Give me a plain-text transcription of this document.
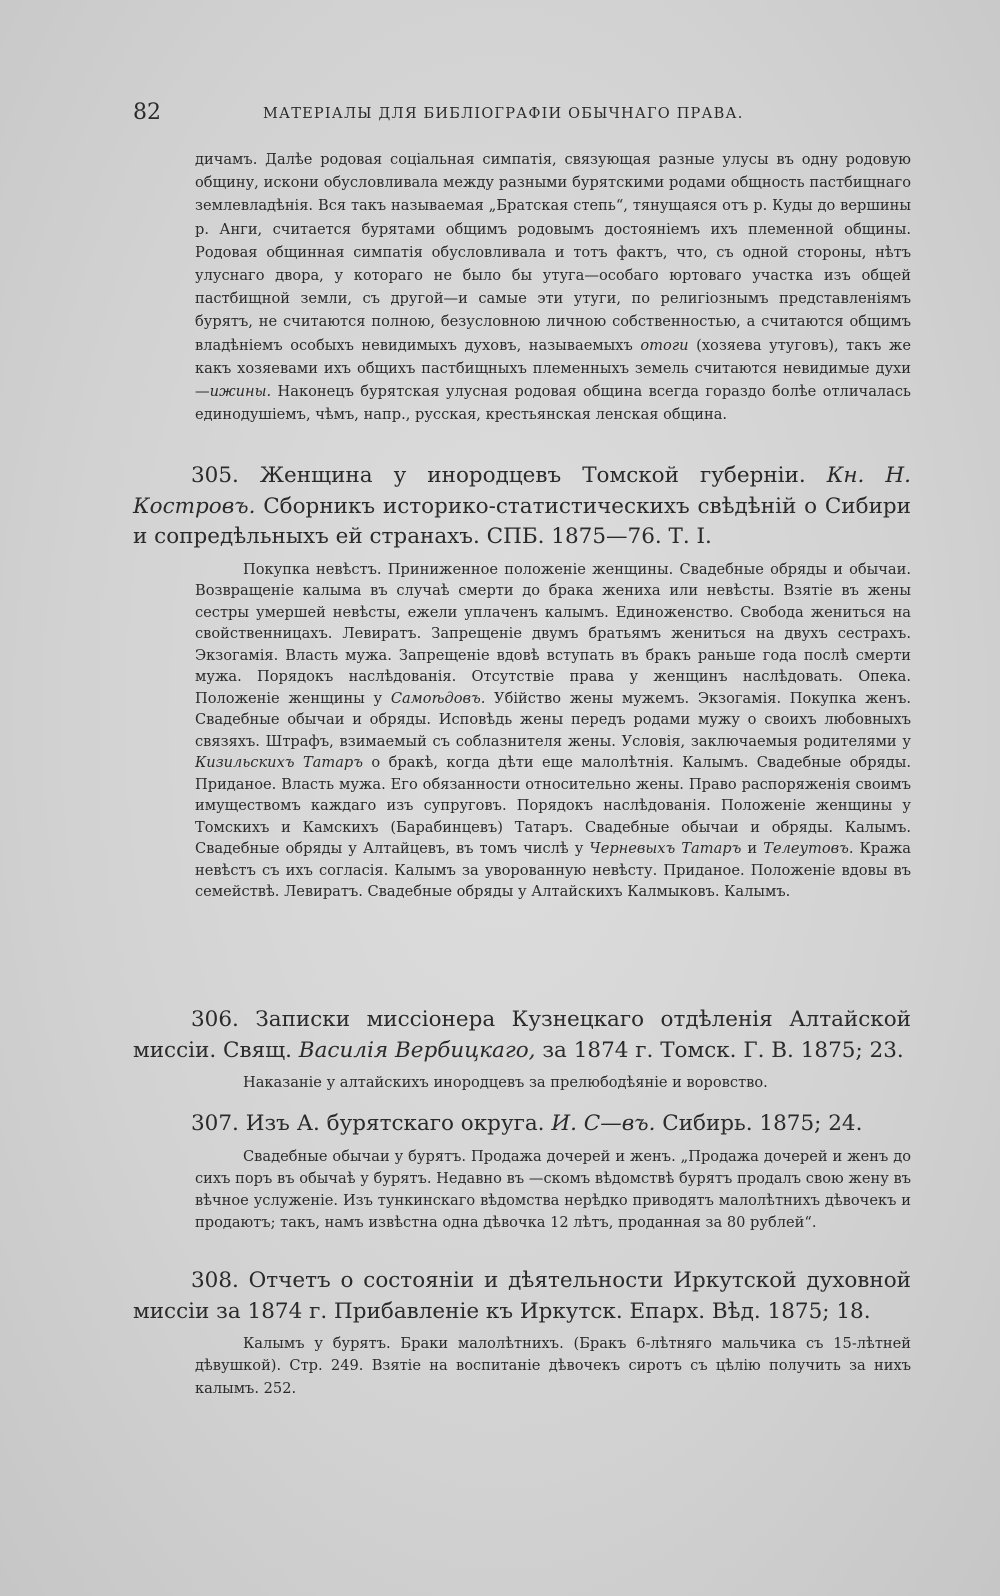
82	МАТЕРІАЛЫ ДЛЯ БИБЛІОГРАФІИ ОБЫЧНАГО ПРАВА.
дичамъ. Далѣе родовая соціальная симпатія, связующая разные улусы въ одну родовую общину, искони обусловливала между разными бурятскими родами общность пастбищнаго землевладѣнія. Вся такъ называемая „Братская степь“, тянущаяся отъ р. Куды до вершины р. Анги, считается бурятами общимъ родовымъ достояніемъ ихъ племенной общины. Родовая общинная симпатія обусловливала и тотъ фактъ, что, съ одной стороны, нѣтъ улуснаго двора, у котораго не было бы утуга—особаго юртоваго участка изъ общей пастбищной земли, съ другой—и самые эти утуги, по религіознымъ представленіямъ бурятъ, не считаются полною, безусловною личною собственностью, а считаются общимъ владѣніемъ особыхъ невидимыхъ духовъ, называемыхъ отоги (хозяева утуговъ), такъ же какъ хозяевами ихъ общихъ пастбищныхъ племенныхъ земель считаются невидимые духи—ижины. Наконецъ бурятская улусная родовая община всегда гораздо болѣе отличалась единодушіемъ, чѣмъ, напр., русская, крестьянская ленская община.
305. Женщина у инородцевъ Томской губерніи. Кн. Н. Костровъ. Сборникъ историко-статистическихъ свѣдѣній о Сибири и сопредѣльныхъ ей странахъ. СПБ. 1875—76. Т. I.
Покупка невѣстъ. Приниженное положеніе женщины. Свадебные обряды и обычаи. Возвращеніе калыма въ случаѣ смерти до брака жениха или невѣсты. Взятіе въ жены сестры умершей невѣсты, ежели уплаченъ калымъ. Единоженство. Свобода жениться на свойственницахъ. Левиратъ. Запрещеніе двумъ братьямъ жениться на двухъ сестрахъ. Экзогамія. Власть мужа. Запрещеніе вдовѣ вступать въ бракъ раньше года послѣ смерти мужа. Порядокъ наслѣдованія. Отсутствіе права у женщинъ наслѣдовать. Опека. Положеніе женщины у Самоѣдовъ. Убійство жены мужемъ. Экзогамія. Покупка женъ. Свадебные обычаи и обряды. Исповѣдь жены передъ родами мужу о своихъ любовныхъ связяхъ. Штрафъ, взимаемый съ соблазнителя жены. Условія, заключаемыя родителями у Кизильскихъ Татаръ о бракѣ, когда дѣти еще малолѣтнія. Калымъ. Свадебные обряды. Приданое. Власть мужа. Его обязанности относительно жены. Право распоряженія своимъ имуществомъ каждаго изъ супруговъ. Порядокъ наслѣдованія. Положеніе женщины у Томскихъ и Камскихъ (Барабинцевъ) Татаръ. Свадебные обычаи и обряды. Калымъ. Свадебные обряды у Алтайцевъ, въ томъ числѣ у Черневыхъ Татаръ и Телеутовъ. Кража невѣстъ съ ихъ согласія. Калымъ за уворованную невѣсту. Приданое. Положеніе вдовы въ семействѣ. Левиратъ. Свадебные обряды у Алтайскихъ Калмыковъ. Калымъ.
306. Записки миссіонера Кузнецкаго отдѣленія Алтайской миссіи. Свящ. Василія Вербицкаго, за 1874 г. Томск. Г. В. 1875; 23.
Наказаніе у алтайскихъ инородцевъ за прелюбодѣяніе и воровство.
307. Изъ А. бурятскаго округа. И. С—въ. Сибирь. 1875; 24.
Свадебные обычаи у бурятъ. Продажа дочерей и женъ. „Продажа дочерей и женъ до сихъ поръ въ обычаѣ у бурятъ. Недавно въ —скомъ вѣдомствѣ бурятъ продалъ свою жену въ вѣчное услуженіе. Изъ тункинскаго вѣдомства нерѣдко приводятъ малолѣтнихъ дѣвочекъ и продаютъ; такъ, намъ извѣстна одна дѣвочка 12 лѣтъ, проданная за 80 рублей“.
308. Отчетъ о состояніи и дѣятельности Иркутской духовной миссіи за 1874 г. Прибавленіе къ Иркутск. Епарх. Вѣд. 1875; 18.
Калымъ у бурятъ. Браки малолѣтнихъ. (Бракъ 6-лѣтняго мальчика съ 15-лѣтней дѣвушкой). Стр. 249. Взятіе на воспитаніе дѣвочекъ сиротъ съ цѣлію получить за нихъ калымъ. 252.
